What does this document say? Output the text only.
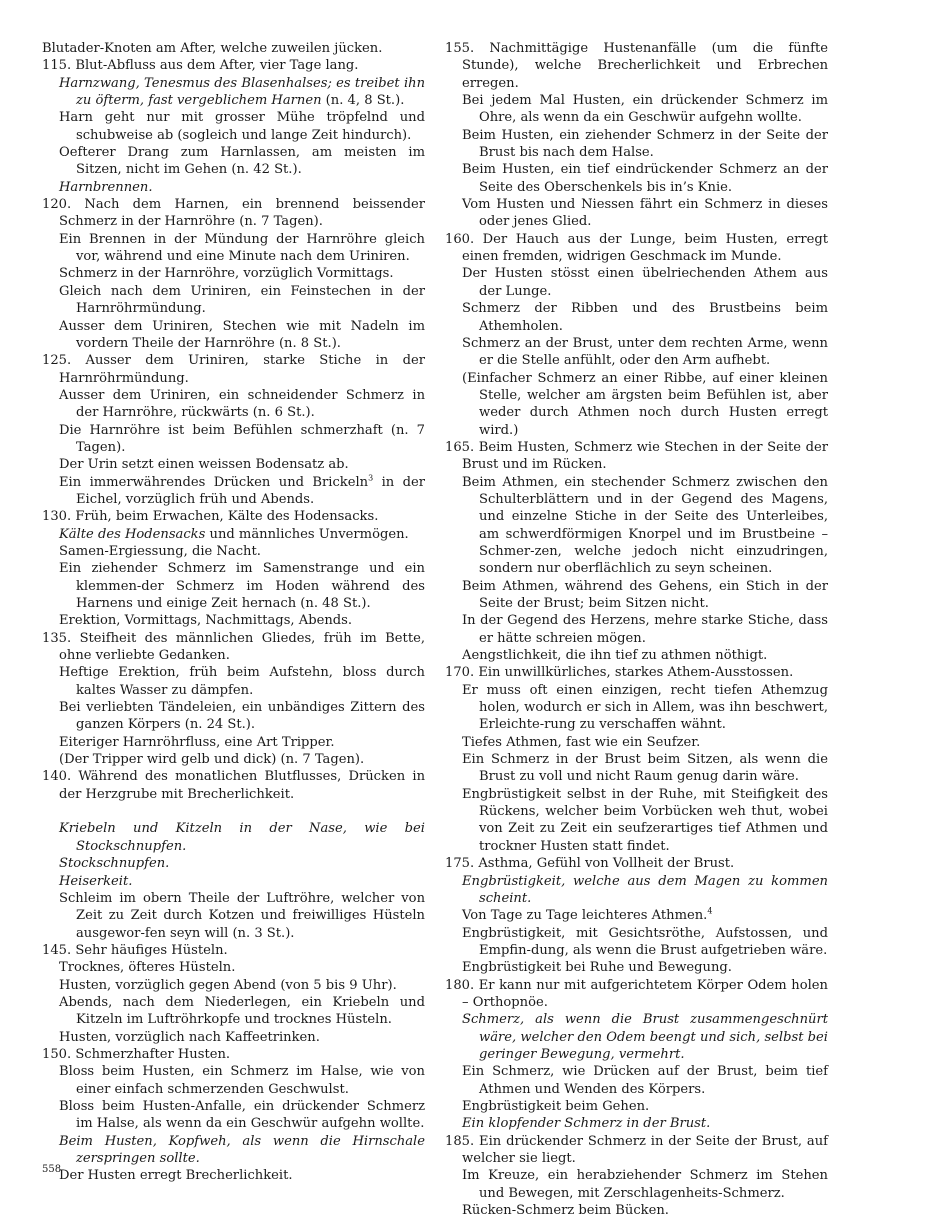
Blutader-Knoten am After, welche zuweilen jücken.
115. Blut-Abfluss aus dem After, vier Tage lang.
Harnzwang, Tenesmus des Blasenhalses; es treibet ihn zu öfterm, fast vergeblichem Harnen (n. 4, 8 St.).
Harn geht nur mit grosser Mühe tröpfelnd und schubweise ab (sogleich und lange Zeit hindurch).
Oefterer Drang zum Harnlassen, am meisten im Sitzen, nicht im Gehen (n. 42 St.).
Harnbrennen.
120. Nach dem Harnen, ein brennend beissender Schmerz in der Harnröhre (n. 7 Tagen).
Ein Brennen in der Mündung der Harnröhre gleich vor, während und eine Minute nach dem Uriniren.
Schmerz in der Harnröhre, vorzüglich Vormittags.
Gleich nach dem Uriniren, ein Feinstechen in der Harnröhrmündung.
Ausser dem Uriniren, Stechen wie mit Nadeln im vordern Theile der Harnröhre (n. 8 St.).
125. Ausser dem Uriniren, starke Stiche in der Harnröhrmündung.
Ausser dem Uriniren, ein schneidender Schmerz in der Harnröhre, rückwärts (n. 6 St.).
Die Harnröhre ist beim Befühlen schmerzhaft (n. 7 Tagen).
Der Urin setzt einen weissen Bodensatz ab.
Ein immerwährendes Drücken und Brickeln$^3$ in der Eichel, vorzüglich früh und Abends.
130. Früh, beim Erwachen, Kälte des Hodensacks.
Kälte des Hodensacks und männliches Unvermögen.
Samen-Ergiessung, die Nacht.
Ein ziehender Schmerz im Samenstrange und ein klemmen-der Schmerz im Hoden während des Harnens und einige Zeit hernach (n. 48 St.).
Erektion, Vormittags, Nachmittags, Abends.
135. Steifheit des männlichen Gliedes, früh im Bette, ohne verliebte Gedanken.
Heftige Erektion, früh beim Aufstehn, bloss durch kaltes Wasser zu dämpfen.
Bei verliebten Tändeleien, ein unbändiges Zittern des ganzen Körpers (n. 24 St.).
Eiteriger Harnröhrfluss, eine Art Tripper.
(Der Tripper wird gelb und dick) (n. 7 Tagen).
140. Während des monatlichen Blutflusses, Drücken in der Herzgrube mit Brecherlichkeit.
Kriebeln und Kitzeln in der Nase, wie bei Stockschnupfen.
Stockschnupfen.
Heiserkeit.
Schleim im obern Theile der Luftröhre, welcher von Zeit zu Zeit durch Kotzen und freiwilliges Hüsteln ausgewor-fen seyn will (n. 3 St.).
145. Sehr häufiges Hüsteln.
Trocknes, öfteres Hüsteln.
Husten, vorzüglich gegen Abend (von 5 bis 9 Uhr).
Abends, nach dem Niederlegen, ein Kriebeln und Kitzeln im Luftröhrkopfe und trocknes Hüsteln.
Husten, vorzüglich nach Kaffeetrinken.
150. Schmerzhafter Husten.
Bloss beim Husten, ein Schmerz im Halse, wie von einer einfach schmerzenden Geschwulst.
Bloss beim Husten-Anfalle, ein drückender Schmerz im Halse, als wenn da ein Geschwür aufgehn wollte.
Beim Husten, Kopfweh, als wenn die Hirnschale zerspringen sollte.
Der Husten erregt Brecherlichkeit.
155. Nachmittägige Hustenanfälle (um die fünfte Stunde), welche Brecherlichkeit und Erbrechen erregen.
Bei jedem Mal Husten, ein drückender Schmerz im Ohre, als wenn da ein Geschwür aufgehn wollte.
Beim Husten, ein ziehender Schmerz in der Seite der Brust bis nach dem Halse.
Beim Husten, ein tief eindrückender Schmerz an der Seite des Oberschenkels bis in’s Knie.
Vom Husten und Niessen fährt ein Schmerz in dieses oder jenes Glied.
160. Der Hauch aus der Lunge, beim Husten, erregt einen fremden, widrigen Geschmack im Munde.
Der Husten stösst einen übelriechenden Athem aus der Lunge.
Schmerz der Ribben und des Brustbeins beim Athemholen.
Schmerz an der Brust, unter dem rechten Arme, wenn er die Stelle anfühlt, oder den Arm aufhebt.
(Einfacher Schmerz an einer Ribbe, auf einer kleinen Stelle, welcher am ärgsten beim Befühlen ist, aber weder durch Athmen noch durch Husten erregt wird.)
165. Beim Husten, Schmerz wie Stechen in der Seite der Brust und im Rücken.
Beim Athmen, ein stechender Schmerz zwischen den Schulterblättern und in der Gegend des Magens, und einzelne Stiche in der Seite des Unterleibes, am schwerdförmigen Knorpel und im Brustbeine – Schmer-zen, welche jedoch nicht einzudringen, sondern nur oberflächlich zu seyn scheinen.
Beim Athmen, während des Gehens, ein Stich in der Seite der Brust; beim Sitzen nicht.
In der Gegend des Herzens, mehre starke Stiche, dass er hätte schreien mögen.
Aengstlichkeit, die ihn tief zu athmen nöthigt.
170. Ein unwillkürliches, starkes Athem-Ausstossen.
Er muss oft einen einzigen, recht tiefen Athemzug holen, wodurch er sich in Allem, was ihn beschwert, Erleichte-rung zu verschaffen wähnt.
Tiefes Athmen, fast wie ein Seufzer.
Ein Schmerz in der Brust beim Sitzen, als wenn die Brust zu voll und nicht Raum genug darin wäre.
Engbrüstigkeit selbst in der Ruhe, mit Steifigkeit des Rückens, welcher beim Vorbücken weh thut, wobei von Zeit zu Zeit ein seufzerartiges tief Athmen und trockner Husten statt findet.
175. Asthma, Gefühl von Vollheit der Brust.
Engbrüstigkeit, welche aus dem Magen zu kommen scheint.
Von Tage zu Tage leichteres Athmen.$^4$
Engbrüstigkeit, mit Gesichtsröthe, Aufstossen, und Empfin-dung, als wenn die Brust aufgetrieben wäre.
Engbrüstigkeit bei Ruhe und Bewegung.
180. Er kann nur mit aufgerichtetem Körper Odem holen – Orthopnöe.
Schmerz, als wenn die Brust zusammengeschnürt wäre, welcher den Odem beengt und sich, selbst bei geringer Bewegung, vermehrt.
Ein Schmerz, wie Drücken auf der Brust, beim tief Athmen und Wenden des Körpers.
Engbrüstigkeit beim Gehen.
Ein klopfender Schmerz in der Brust.
185. Ein drückender Schmerz in der Seite der Brust, auf welcher sie liegt.
Im Kreuze, ein herabziehender Schmerz im Stehen und Bewegen, mit Zerschlagenheits-Schmerz.
Rücken-Schmerz beim Bücken.
558
